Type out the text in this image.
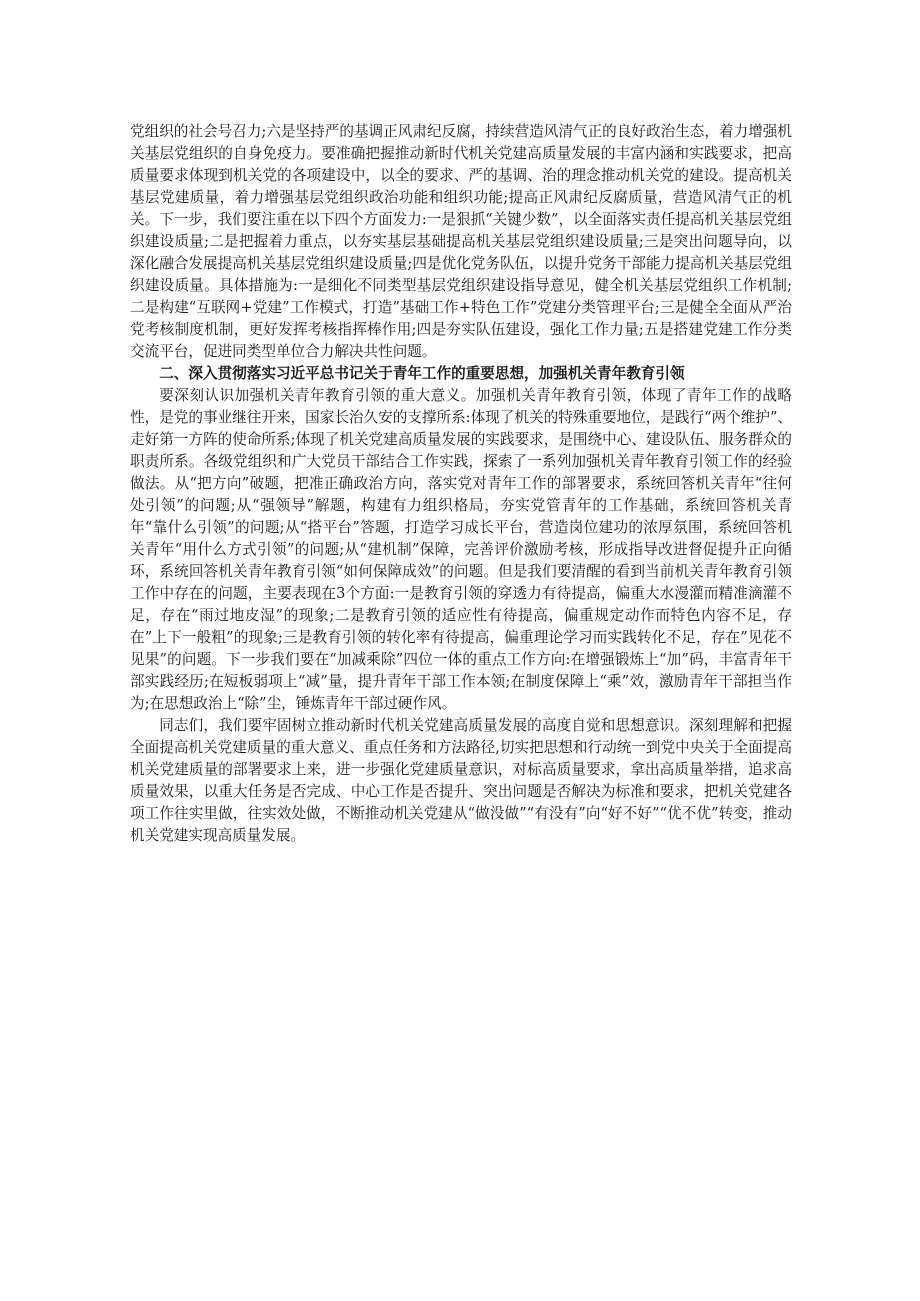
党组织的社会号召力;六是坚持严的基调正风肃纪反腐，持续营造风清气正的良好政治生态，着力增强机关基层党组织的自身免疫力。要准确把握推动新时代机关党建高质量发展的丰富内涵和实践要求，把高质量要求体现到机关党的各项建设中，以全的要求、严的基调、治的理念推动机关党的建设。提高机关基层党建质量，着力增强基层党组织政治功能和组织功能;提高正风肃纪反腐质量，营造风清气正的机关。下一步，我们要注重在以下四个方面发力:一是狠抓“关键少数”，以全面落实责任提高机关基层党组织建设质量;二是把握着力重点，以夯实基层基础提高机关基层党组织建设质量;三是突出问题导向，以深化融合发展提高机关基层党组织建设质量;四是优化党务队伍，以提升党务干部能力提高机关基层党组织建设质量。具体措施为:一是细化不同类型基层党组织建设指导意见，健全机关基层党组织工作机制;二是构建“互联网+党建”工作模式，打造”基础工作+特色工作”党建分类管理平台;三是健全全面从严治党考核制度机制，更好发挥考核指挥棒作用;四是夯实队伍建设，强化工作力量;五是搭建党建工作分类交流平台，促进同类型单位合力解决共性问题。

二、深入贯彻落实习近平总书记关于青年工作的重要思想，加强机关青年教育引领

要深刻认识加强机关青年教育引领的重大意义。加强机关青年教育引领，体现了青年工作的战略性，是党的事业继往开来，国家长治久安的支撑所系:体现了机关的特殊重要地位，是践行“两个维护”、走好第一方阵的使命所系;体现了机关党建高质量发展的实践要求，是围绕中心、建设队伍、服务群众的职责所系。各级党组织和广大党员干部结合工作实践，探索了一系列加强机关青年教育引领工作的经验做法。从“把方向”破题，把准正确政治方向，落实党对青年工作的部署要求，系统回答机关青年“往何处引领”的问题;从“强领导”解题，构建有力组织格局，夯实党管青年的工作基础，系统回答机关青年“靠什么引领”的问题;从“搭平台”答题，打造学习成长平台，营造岗位建功的浓厚氛围，系统回答机关青年“用什么方式引领”的问题;从“建机制”保障，完善评价激励考核，形成指导改进督促提升正向循环，系统回答机关青年教育引领“如何保障成效”的问题。但是我们要清醒的看到当前机关青年教育引领工作中存在的问题，主要表现在3个方面:一是教育引领的穿透力有待提高，偏重大水漫灌而精准滴灌不足，存在“雨过地皮湿”的现象;二是教育引领的适应性有待提高，偏重规定动作而特色内容不足，存在”上下一般粗”的现象;三是教育引领的转化率有待提高，偏重理论学习而实践转化不足，存在”见花不见果”的问题。下一步我们要在“加减乘除”四位一体的重点工作方向:在增强锻炼上“加”码，丰富青年干部实践经历;在短板弱项上“减”量，提升青年干部工作本领;在制度保障上“乘”效，激励青年干部担当作为;在思想政治上“除”尘，锤炼青年干部过硬作风。

同志们，我们要牢固树立推动新时代机关党建高质量发展的高度自觉和思想意识。深刻理解和把握全面提高机关党建质量的重大意义、重点任务和方法路径,切实把思想和行动统一到党中央关于全面提高机关党建质量的部署要求上来，进一步强化党建质量意识，对标高质量要求，拿出高质量举措，追求高质量效果，以重大任务是否完成、中心工作是否提升、突出问题是否解决为标准和要求，把机关党建各项工作往实里做，往实效处做，不断推动机关党建从“做没做”“有没有”向“好不好”“优不优”转变，推动机关党建实现高质量发展。
